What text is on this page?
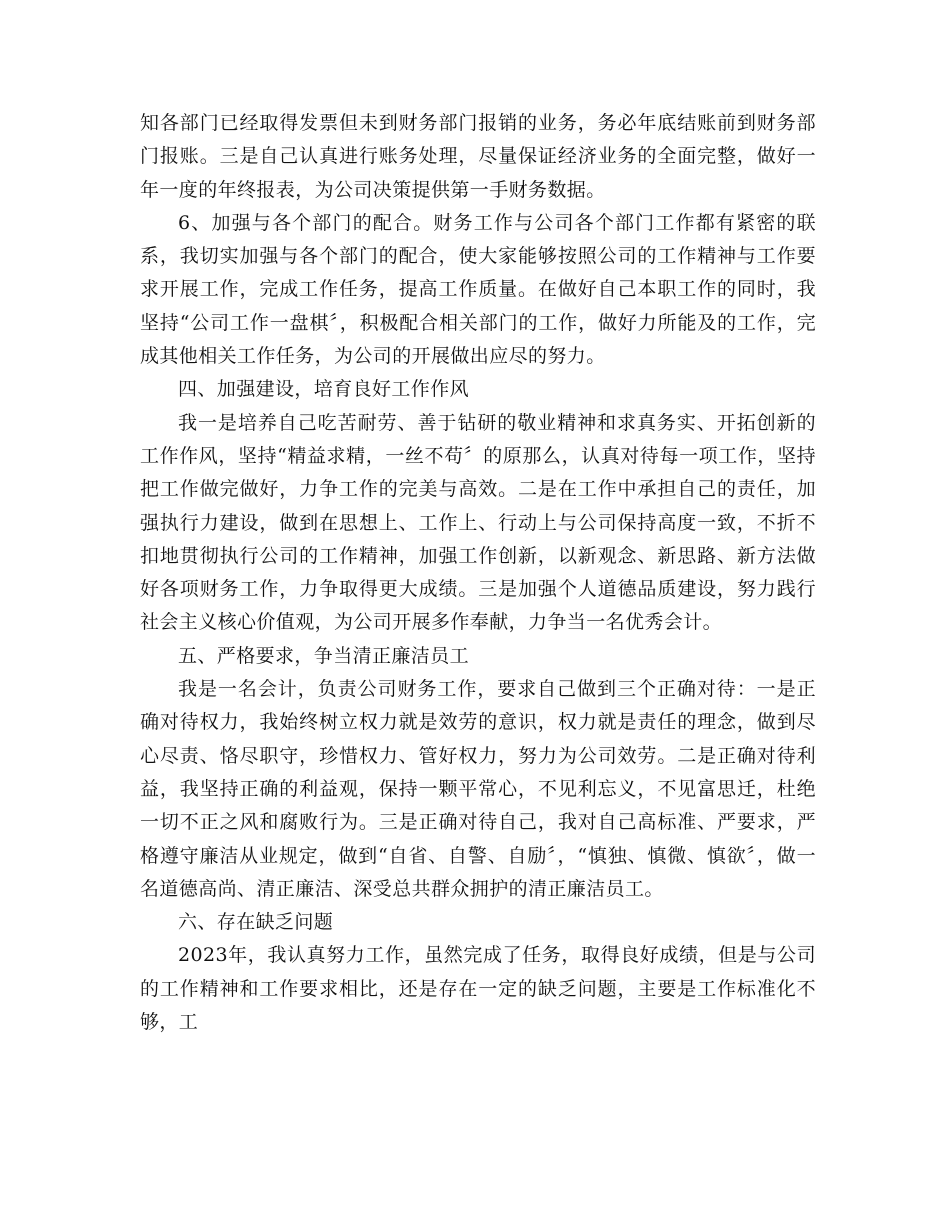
知各部门已经取得发票但未到财务部门报销的业务，务必年底结账前到财务部门报账。三是自己认真进行账务处理，尽量保证经济业务的全面完整，做好一年一度的年终报表，为公司决策提供第一手财务数据。

6、加强与各个部门的配合。财务工作与公司各个部门工作都有紧密的联系，我切实加强与各个部门的配合，使大家能够按照公司的工作精神与工作要求开展工作，完成工作任务，提高工作质量。在做好自己本职工作的同时，我坚持“公司工作一盘棋〞，积极配合相关部门的工作，做好力所能及的工作，完成其他相关工作任务，为公司的开展做出应尽的努力。

四、加强建设，培育良好工作作风

我一是培养自己吃苦耐劳、善于钻研的敬业精神和求真务实、开拓创新的工作作风，坚持“精益求精，一丝不苟〞的原那么，认真对待每一项工作，坚持把工作做完做好，力争工作的完美与高效。二是在工作中承担自己的责任，加强执行力建设，做到在思想上、工作上、行动上与公司保持高度一致，不折不扣地贯彻执行公司的工作精神，加强工作创新，以新观念、新思路、新方法做好各项财务工作，力争取得更大成绩。三是加强个人道德品质建设，努力践行社会主义核心价值观，为公司开展多作奉献，力争当一名优秀会计。

五、严格要求，争当清正廉洁员工

我是一名会计，负责公司财务工作，要求自己做到三个正确对待：一是正确对待权力，我始终树立权力就是效劳的意识，权力就是责任的理念，做到尽心尽责、恪尽职守，珍惜权力、管好权力，努力为公司效劳。二是正确对待利益，我坚持正确的利益观，保持一颗平常心，不见利忘义，不见富思迁，杜绝一切不正之风和腐败行为。三是正确对待自己，我对自己高标准、严要求，严格遵守廉洁从业规定，做到“自省、自警、自励〞，“慎独、慎微、慎欲〞，做一名道德高尚、清正廉洁、深受总共群众拥护的清正廉洁员工。

六、存在缺乏问题

2023年，我认真努力工作，虽然完成了任务，取得良好成绩，但是与公司的工作精神和工作要求相比，还是存在一定的缺乏问题，主要是工作标准化不够，工
